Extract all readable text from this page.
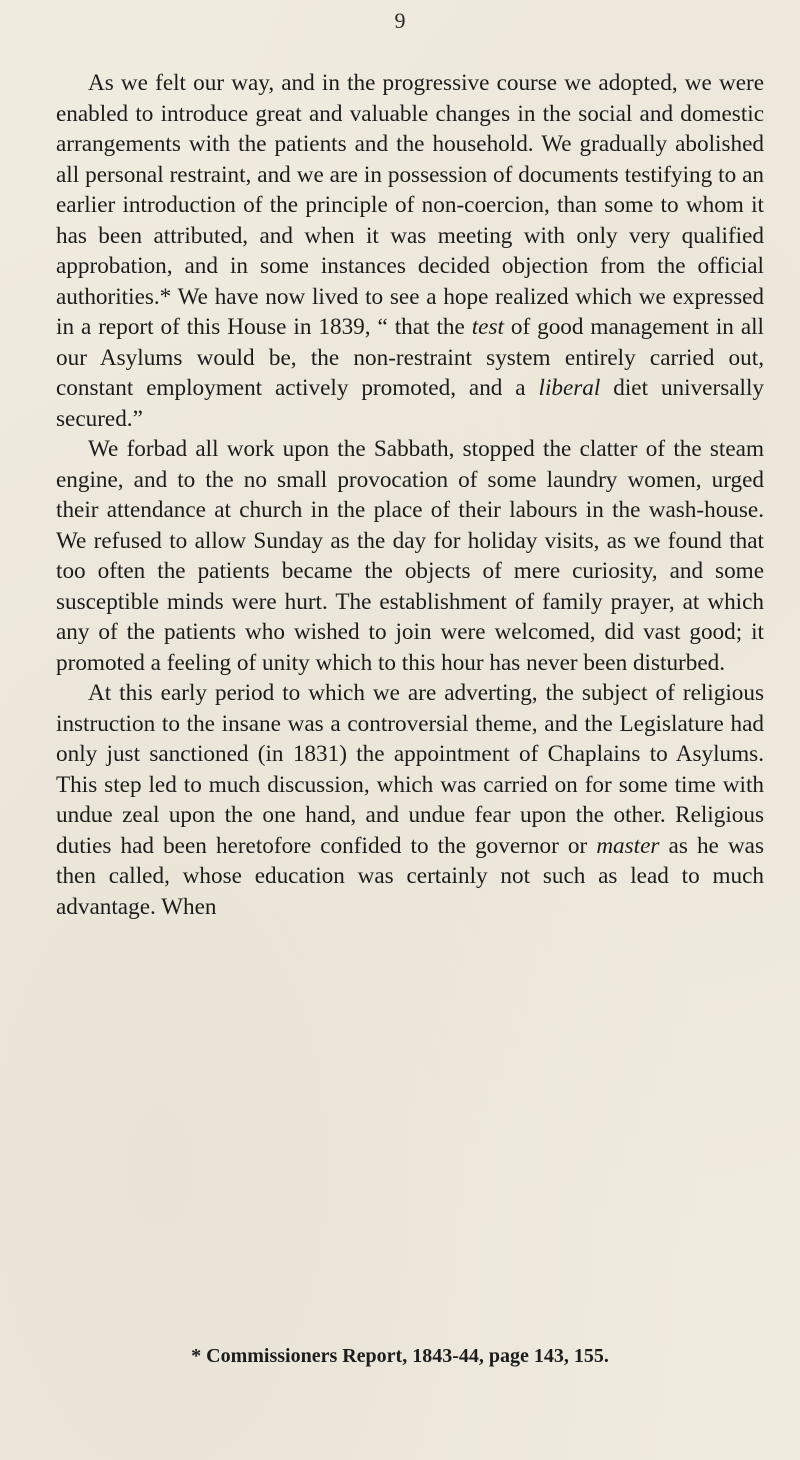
9

As we felt our way, and in the progressive course we adopted, we were enabled to introduce great and valuable changes in the social and domestic arrangements with the patients and the household. We gradually abolished all personal restraint, and we are in possession of documents testifying to an earlier introduction of the principle of non-coercion, than some to whom it has been attributed, and when it was meeting with only very qualified approbation, and in some instances decided objection from the official authorities.* We have now lived to see a hope realized which we expressed in a report of this House in 1839, “ that the test of good management in all our Asylums would be, the non-restraint system entirely carried out, constant employment actively promoted, and a liberal diet universally secured.”

We forbad all work upon the Sabbath, stopped the clatter of the steam engine, and to the no small provocation of some laundry women, urged their attendance at church in the place of their labours in the wash-house. We refused to allow Sunday as the day for holiday visits, as we found that too often the patients became the objects of mere curiosity, and some susceptible minds were hurt. The establishment of family prayer, at which any of the patients who wished to join were welcomed, did vast good; it promoted a feeling of unity which to this hour has never been disturbed.

At this early period to which we are adverting, the subject of religious instruction to the insane was a controversial theme, and the Legislature had only just sanctioned (in 1831) the appointment of Chaplains to Asylums. This step led to much discussion, which was carried on for some time with undue zeal upon the one hand, and undue fear upon the other. Religious duties had been heretofore confided to the governor or master as he was then called, whose education was certainly not such as lead to much advantage. When

* Commissioners Report, 1843-44, page 143, 155.
